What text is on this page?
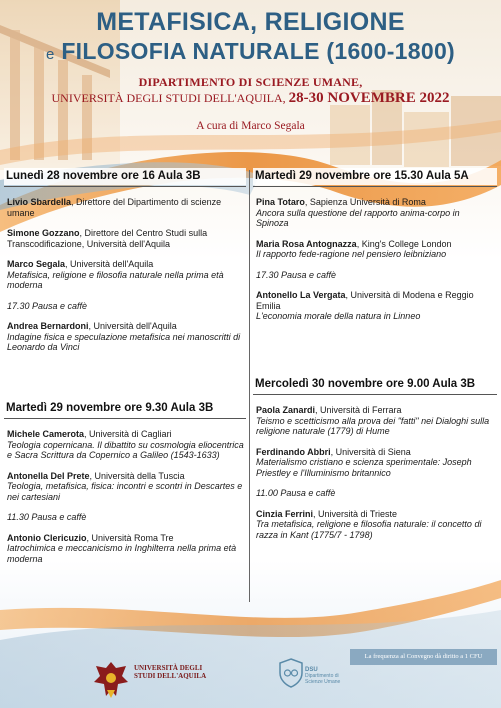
METAFISICA, RELIGIONE
e FILOSOFIA NATURALE (1600-1800)
DIPARTIMENTO DI SCIENZE UMANE,
UNIVERSITÀ DEGLI STUDI DELL'AQUILA, 28-30 NOVEMBRE 2022
A cura di Marco Segala
Lunedì 28 novembre ore 16 Aula 3B
Livio Sbardella, Direttore del Dipartimento di scienze umane
Simone Gozzano, Direttore del Centro Studi sulla Transcodificazione, Università dell'Aquila
Marco Segala, Università dell'Aquila
Metafisica, religione e filosofia naturale nella prima età moderna
17.30 Pausa e caffè
Andrea Bernardoni, Università dell'Aquila
Indagine fisica e speculazione metafisica nei manoscritti di Leonardo da Vinci
Martedì 29 novembre ore 9.30 Aula 3B
Michele Camerota, Università di Cagliari
Teologia copernicana. Il dibattito su cosmologia eliocentrica e Sacra Scrittura da Copernico a Galileo (1543-1633)
Antonella Del Prete, Università della Tuscia
Teologia, metafisica, fisica: incontri e scontri in Descartes e nei cartesiani
11.30 Pausa e caffè
Antonio Clericuzio, Università Roma Tre
Iatrochimica e meccanicismo in Inghilterra nella prima età moderna
Martedì 29 novembre ore 15.30 Aula 5A
Pina Totaro, Sapienza Università di Roma
Ancora sulla questione del rapporto anima-corpo in Spinoza
Maria Rosa Antognazza, King's College London
Il rapporto fede-ragione nel pensiero leibniziano
17.30 Pausa e caffè
Antonello La Vergata, Università di Modena e Reggio Emilia
L'economia morale della natura in Linneo
Mercoledì 30 novembre ore 9.00 Aula 3B
Paola Zanardi, Università di Ferrara
Teismo e scetticismo alla prova dei "fatti" nei Dialoghi sulla religione naturale (1779) di Hume
Ferdinando Abbri, Università di Siena
Materialismo cristiano e scienza sperimentale: Joseph Priestley e l'Illuminismo britannico
11.00 Pausa e caffè
Cinzia Ferrini, Università di Trieste
Tra metafisica, religione e filosofia naturale: il concetto di razza in Kant (1775/7 - 1798)
UNIVERSITÀ DEGLI STUDI DELL'AQUILA
DSU
Dipartimento di Scienze Umane
La frequenza al Convegno dà diritto a 1 CFU
